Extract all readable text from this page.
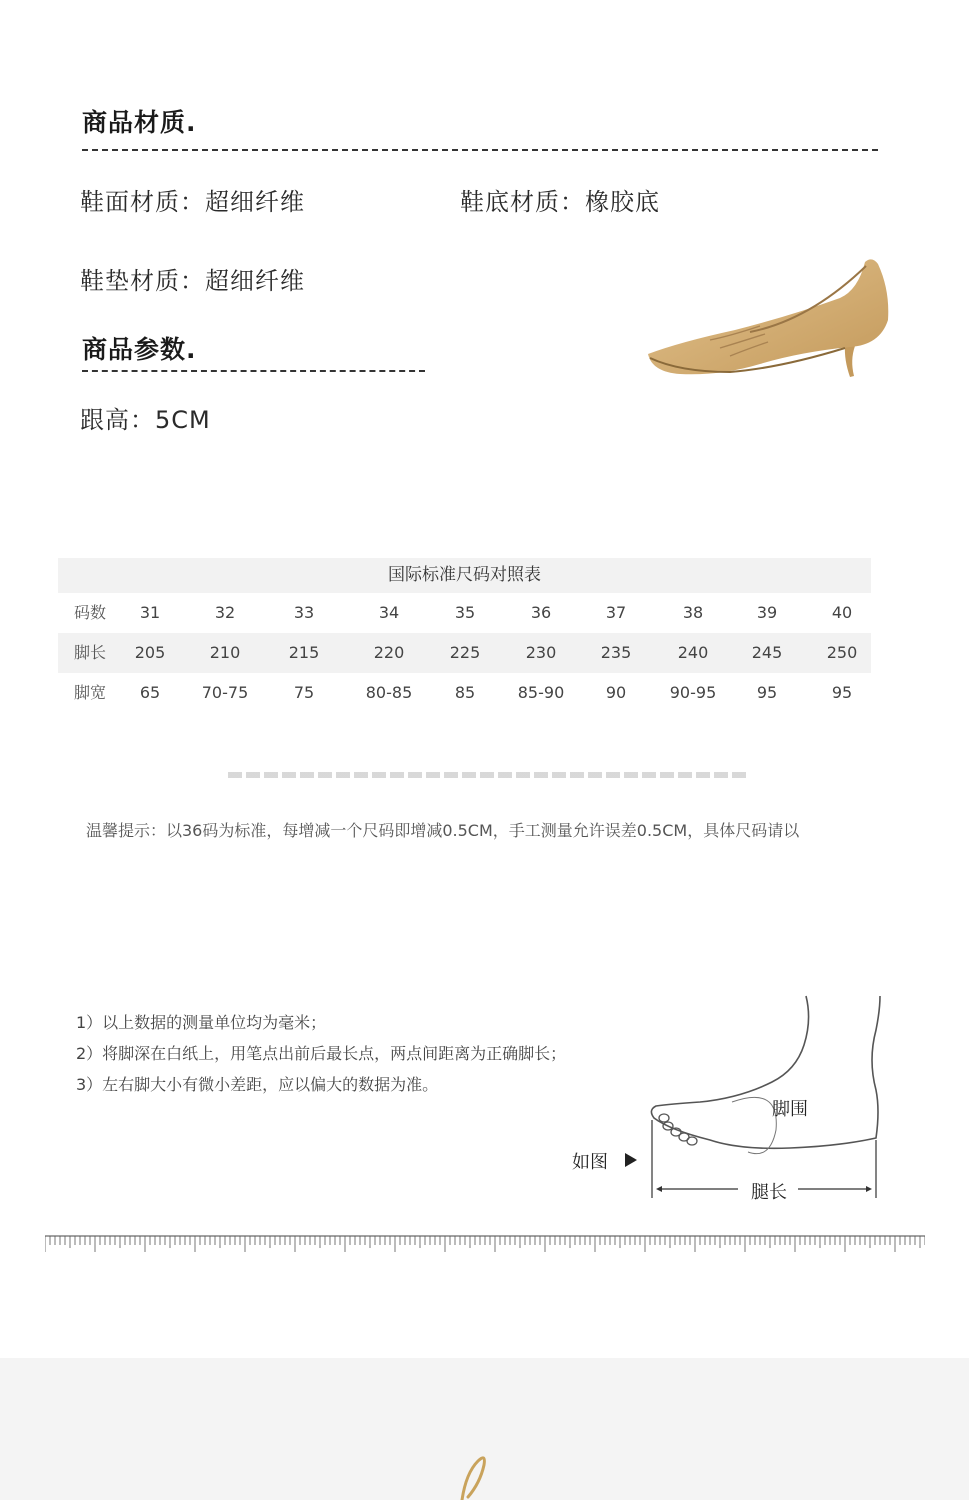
商品材质.
鞋面材质：超细纤维	鞋底材质：橡胶底
鞋垫材质：超细纤维
商品参数.
跟高：5CM
国际标准尺码对照表
码数 31	32	33	34	35	36	37	38	39	40
脚长 205	210	215	220	225	230	235	240	245	250
脚宽 65	70-75	75	80-85	85	85-90	90	90-95	95	95
温馨提示：以36码为标准，每增减一个尺码即增减0.5CM，手工测量允许误差0.5CM，具体尺码请以
1）以上数据的测量单位均为毫米；
2）将脚深在白纸上，用笔点出前后最长点，两点间距离为正确脚长；
3）左右脚大小有微小差距，应以偏大的数据为准。
脚围
腿长
如图
